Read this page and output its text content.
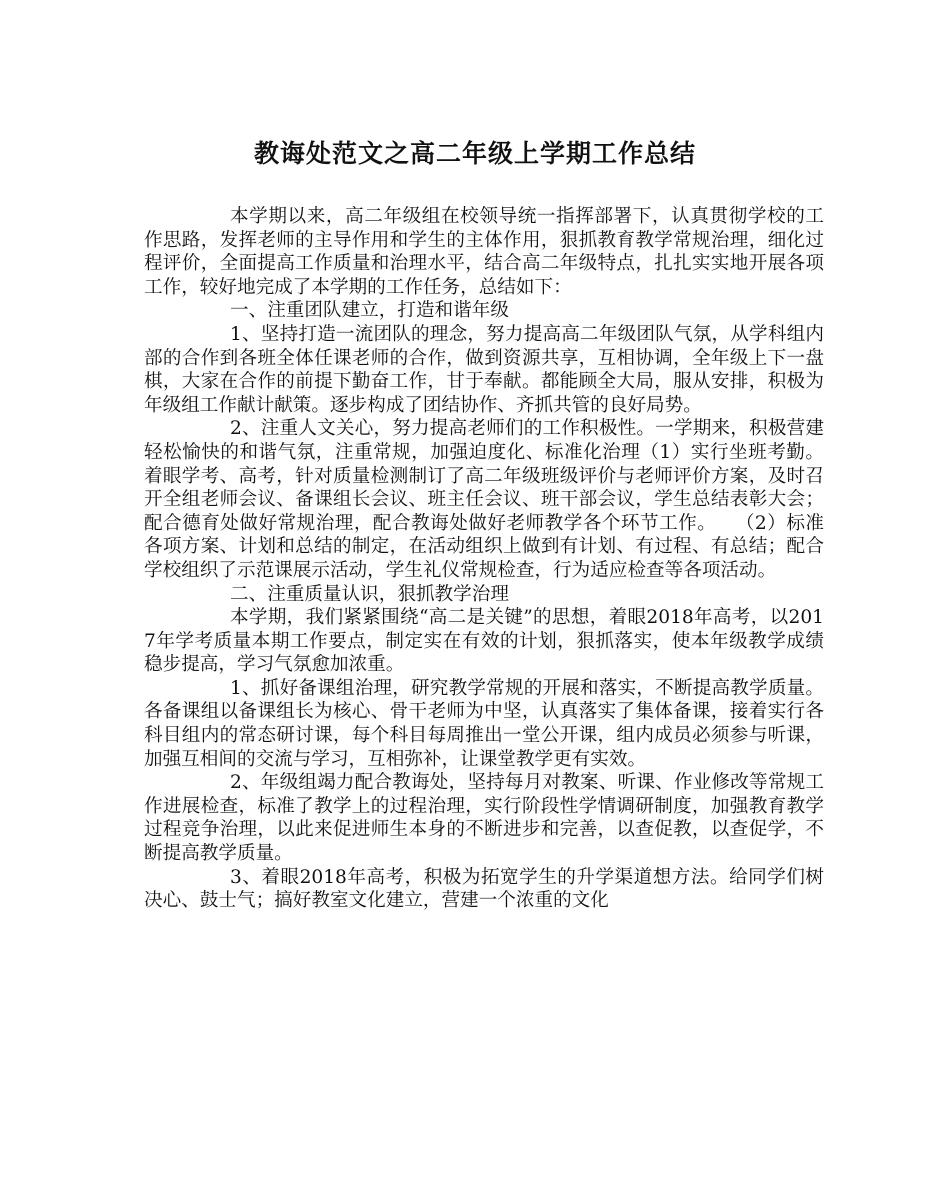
教诲处范文之高二年级上学期工作总结

本学期以来，高二年级组在校领导统一指挥部署下，认真贯彻学校的工作思路，发挥老师的主导作用和学生的主体作用，狠抓教育教学常规治理，细化过程评价，全面提高工作质量和治理水平，结合高二年级特点，扎扎实实地开展各项工作，较好地完成了本学期的工作任务，总结如下：

一、注重团队建立，打造和谐年级

1、坚持打造一流团队的理念，努力提高高二年级团队气氛，从学科组内部的合作到各班全体任课老师的合作，做到资源共享，互相协调，全年级上下一盘棋，大家在合作的前提下勤奋工作，甘于奉献。都能顾全大局，服从安排，积极为年级组工作献计献策。逐步构成了团结协作、齐抓共管的良好局势。

2、注重人文关心，努力提高老师们的工作积极性。一学期来，积极营建轻松愉快的和谐气氛，注重常规，加强迫度化、标准化治理（1）实行坐班考勤。着眼学考、高考，针对质量检测制订了高二年级班级评价与老师评价方案，及时召开全组老师会议、备课组长会议、班主任会议、班干部会议，学生总结表彰大会；配合德育处做好常规治理，配合教诲处做好老师教学各个环节工作。　　（2）标准各项方案、计划和总结的制定，在活动组织上做到有计划、有过程、有总结；配合学校组织了示范课展示活动，学生礼仪常规检查，行为适应检查等各项活动。

二、注重质量认识，狠抓教学治理

本学期，我们紧紧围绕“高二是关键”的思想，着眼2018年高考，以2017年学考质量本期工作要点，制定实在有效的计划，狠抓落实，使本年级教学成绩稳步提高，学习气氛愈加浓重。

1、抓好备课组治理，研究教学常规的开展和落实，不断提高教学质量。各备课组以备课组长为核心、骨干老师为中坚，认真落实了集体备课，接着实行各科目组内的常态研讨课，每个科目每周推出一堂公开课，组内成员必须参与听课，加强互相间的交流与学习，互相弥补，让课堂教学更有实效。

2、年级组竭力配合教诲处，坚持每月对教案、听课、作业修改等常规工作进展检查，标准了教学上的过程治理，实行阶段性学情调研制度，加强教育教学过程竞争治理，以此来促进师生本身的不断进步和完善，以查促教，以查促学，不断提高教学质量。

3、着眼2018年高考，积极为拓宽学生的升学渠道想方法。给同学们树决心、鼓士气；搞好教室文化建立，营建一个浓重的文化
